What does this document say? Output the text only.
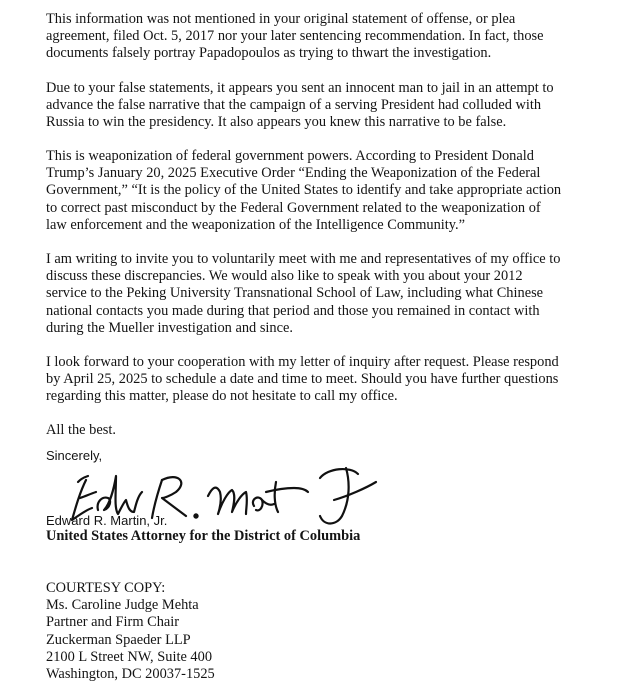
This information was not mentioned in your original statement of offense, or plea
agreement, filed Oct. 5, 2017 nor your later sentencing recommendation. In fact, those
documents falsely portray Papadopoulos as trying to thwart the investigation.

Due to your false statements, it appears you sent an innocent man to jail in an attempt to
advance the false narrative that the campaign of a serving President had colluded with
Russia to win the presidency. It also appears you knew this narrative to be false.

This is weaponization of federal government powers. According to President Donald
Trump’s January 20, 2025 Executive Order “Ending the Weaponization of the Federal
Government,” “It is the policy of the United States to identify and take appropriate action
to correct past misconduct by the Federal Government related to the weaponization of
law enforcement and the weaponization of the Intelligence Community.”

I am writing to invite you to voluntarily meet with me and representatives of my office to
discuss these discrepancies. We would also like to speak with you about your 2012
service to the Peking University Transnational School of Law, including what Chinese
national contacts you made during that period and those you remained in contact with
during the Mueller investigation and since.

I look forward to your cooperation with my letter of inquiry after request. Please respond
by April 25, 2025 to schedule a date and time to meet. Should you have further questions
regarding this matter, please do not hesitate to call my office.

All the best.

Sincerely,
Edward R. Martin, Jr.
United States Attorney for the District of Columbia
COURTESY COPY:
Ms. Caroline Judge Mehta
Partner and Firm Chair
Zuckerman Spaeder LLP
2100 L Street NW, Suite 400
Washington, DC 20037-1525
